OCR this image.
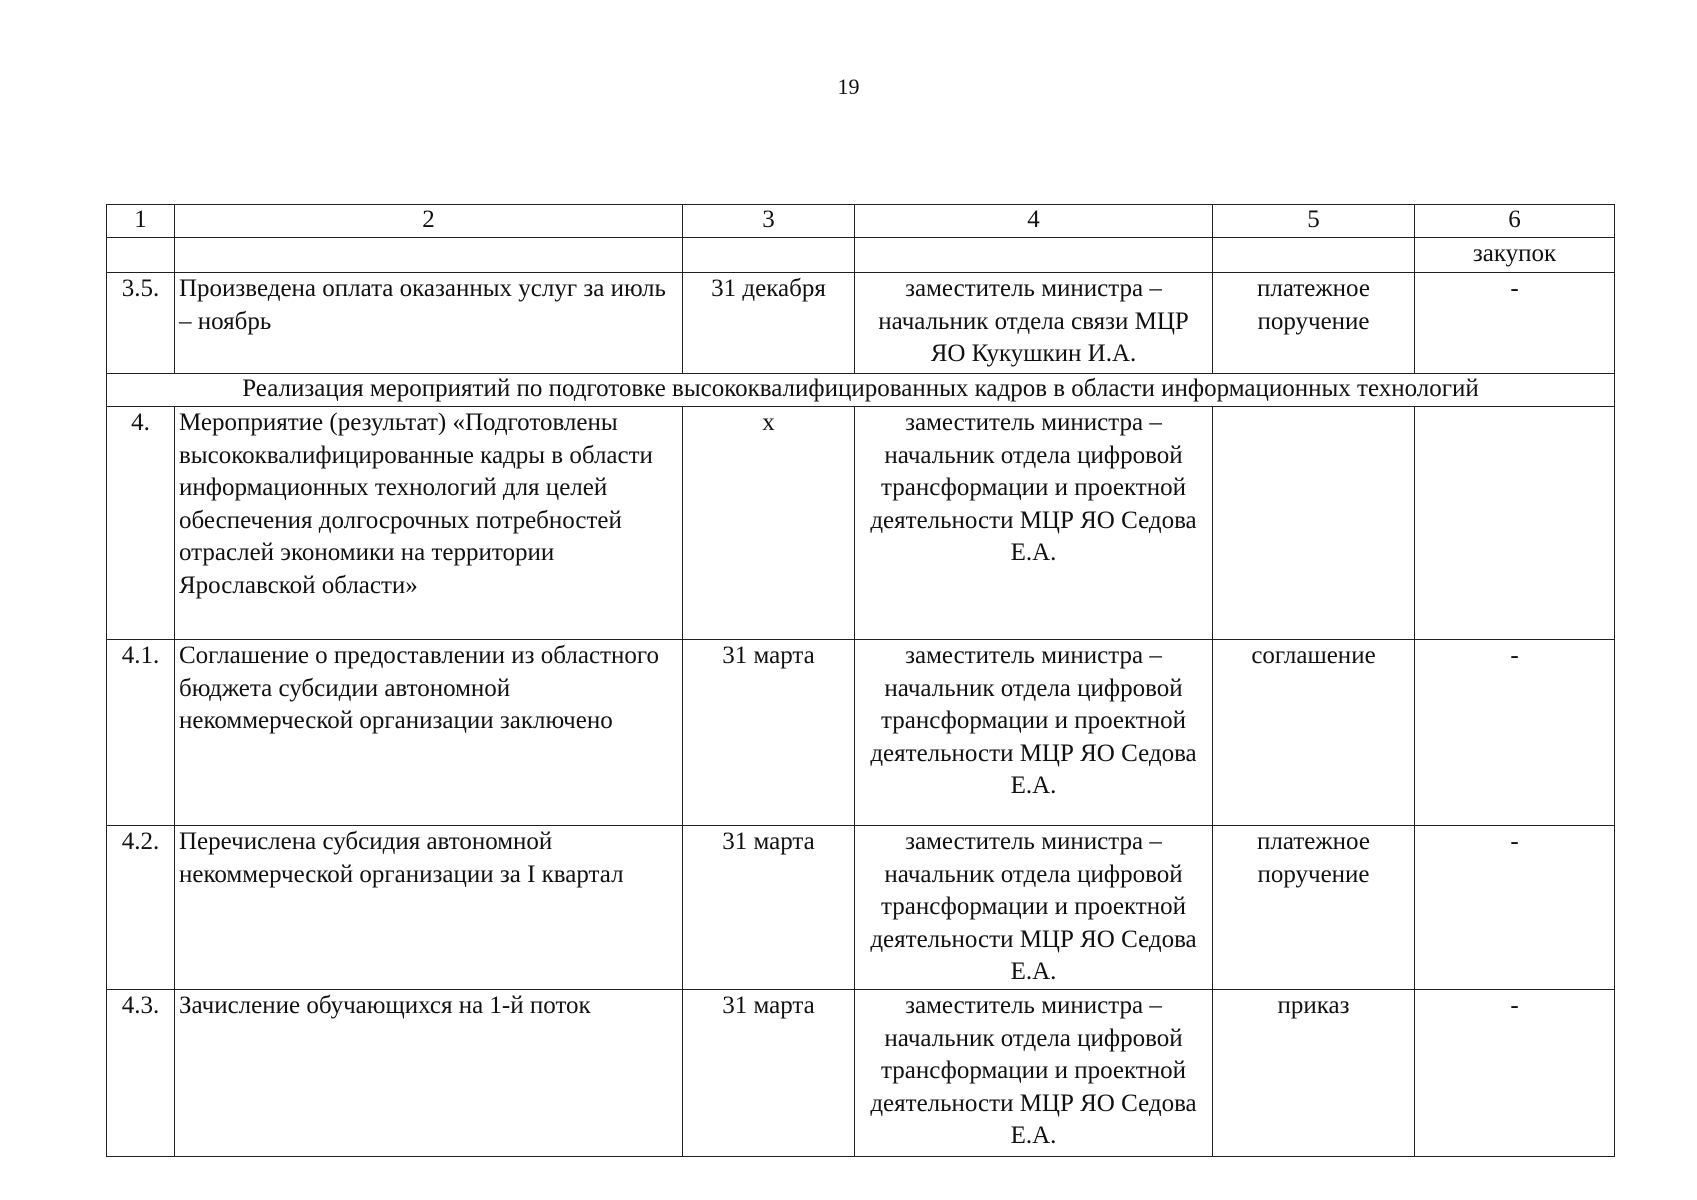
19
1	2	3	4	5	6
					закупок
3.5.	Произведена оплата оказанных услуг за июль – ноябрь	31 декабря	заместитель министра – начальник отдела связи МЦР ЯО Кукушкин И.А.	платежное поручение	-
Реализация мероприятий по подготовке высококвалифицированных кадров в области информационных технологий					
4.	Мероприятие (результат) «Подготовлены высококвалифицированные кадры в области информационных технологий для целей обеспечения долгосрочных потребностей отраслей экономики на территории Ярославской области»	х	заместитель министра – начальник отдела цифровой трансформации и проектной деятельности МЦР ЯО Седова Е.А.		
4.1.	Соглашение о предоставлении из областного бюджета субсидии автономной некоммерческой организации заключено	31 марта	заместитель министра – начальник отдела цифровой трансформации и проектной деятельности МЦР ЯО Седова Е.А.	соглашение	-
4.2.	Перечислена субсидия автономной некоммерческой организации за I квартал	31 марта	заместитель министра – начальник отдела цифровой трансформации и проектной деятельности МЦР ЯО Седова Е.А.	платежное поручение	-
4.3.	Зачисление обучающихся на 1-й поток	31 марта	заместитель министра – начальник отдела цифровой трансформации и проектной деятельности МЦР ЯО Седова Е.А.	приказ	-
